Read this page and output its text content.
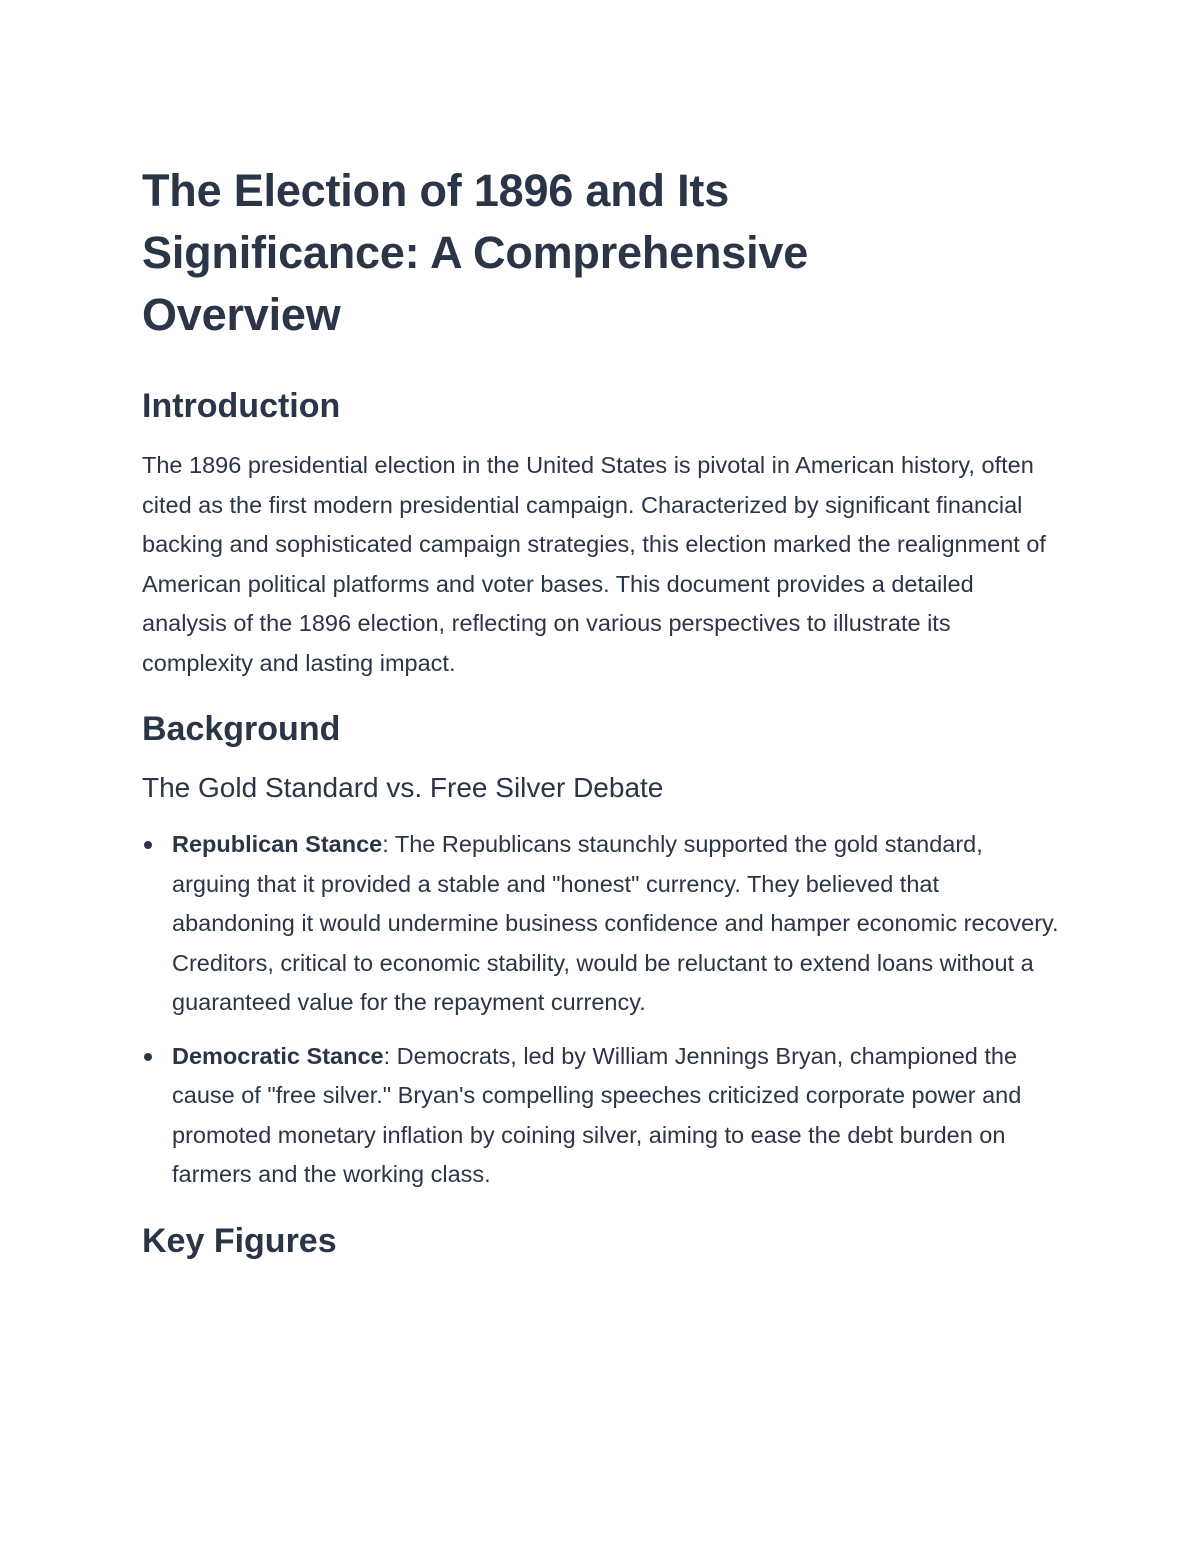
The Election of 1896 and Its Significance: A Comprehensive Overview
Introduction

The 1896 presidential election in the United States is pivotal in American history, often cited as the first modern presidential campaign. Characterized by significant financial backing and sophisticated campaign strategies, this election marked the realignment of American political platforms and voter bases. This document provides a detailed analysis of the 1896 election, reflecting on various perspectives to illustrate its complexity and lasting impact.

Background
The Gold Standard vs. Free Silver Debate
Republican Stance: The Republicans staunchly supported the gold standard, arguing that it provided a stable and "honest" currency. They believed that abandoning it would undermine business confidence and hamper economic recovery. Creditors, critical to economic stability, would be reluctant to extend loans without a guaranteed value for the repayment currency.
Democratic Stance: Democrats, led by William Jennings Bryan, championed the cause of "free silver." Bryan's compelling speeches criticized corporate power and promoted monetary inflation by coining silver, aiming to ease the debt burden on farmers and the working class.
Key Figures
